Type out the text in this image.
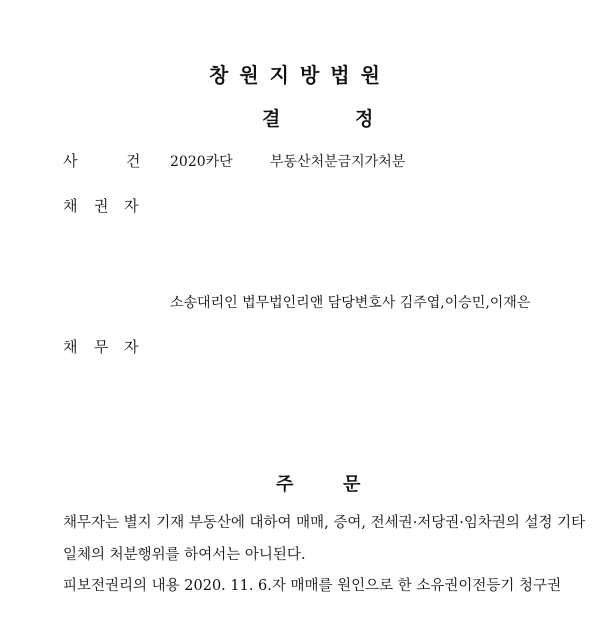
창원지방법원
결	정
사	건 2020카단	부동산처분금지가처분
채 권 자
소송대리인 법무법인리앤 담당변호사 김주엽,이승민,이재은
채 무 자
주	문
채무자는 별지 기재 부동산에 대하여 매매, 증여, 전세권·저당권·임차권의 설정 기타
일체의 처분행위를 하여서는 아니된다.
피보전권리의 내용 2020. 11. 6.자 매매를 원인으로 한 소유권이전등기 청구권
